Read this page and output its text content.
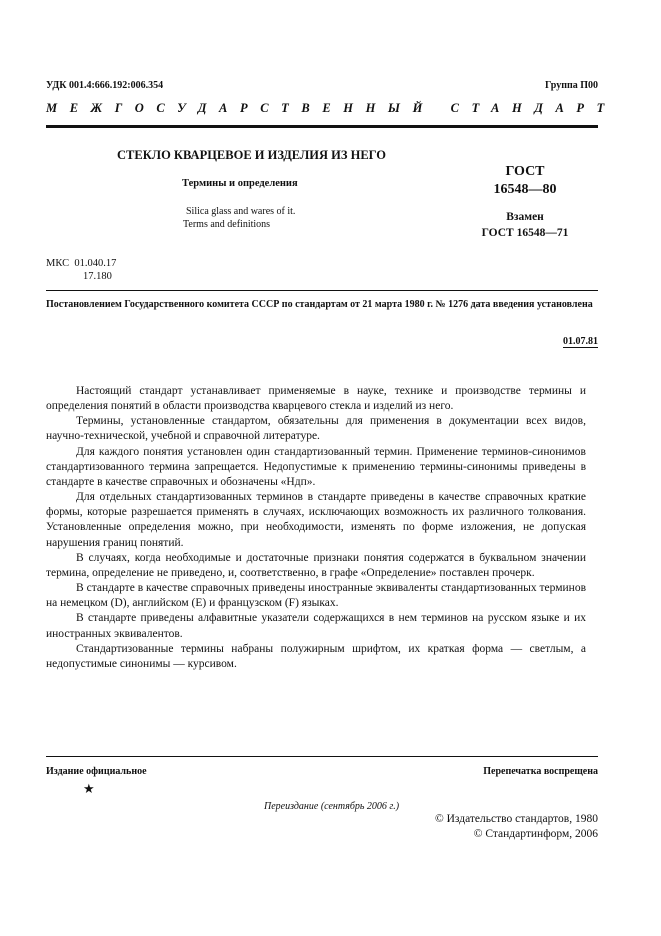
УДК 001.4:666.192:006.354	Группа П00
МЕЖГОСУДАРСТВЕННЫЙ СТАНДАРТ
СТЕКЛО КВАРЦЕВОЕ И ИЗДЕЛИЯ ИЗ НЕГО
Термины и определения
Silica glass and wares of it.
Terms and definitions
ГОСТ
16548—80
Взамен
ГОСТ 16548—71
МКС 01.040.17
17.180
Постановлением Государственного комитета СССР по стандартам от 21 марта 1980 г. № 1276 дата введения установлена
01.07.81

Настоящий стандарт устанавливает применяемые в науке, технике и производстве термины и определения понятий в области производства кварцевого стекла и изделий из него.

Термины, установленные стандартом, обязательны для применения в документации всех видов, научно-технической, учебной и справочной литературе.

Для каждого понятия установлен один стандартизованный термин. Применение терминов-синонимов стандартизованного термина запрещается. Недопустимые к применению термины-синонимы приведены в стандарте в качестве справочных и обозначены «Ндп».

Для отдельных стандартизованных терминов в стандарте приведены в качестве справочных краткие формы, которые разрешается применять в случаях, исключающих возможность их различного толкования. Установленные определения можно, при необходимости, изменять по форме изложения, не допуская нарушения границ понятий.

В случаях, когда необходимые и достаточные признаки понятия содержатся в буквальном значении термина, определение не приведено, и, соответственно, в графе «Определение» поставлен прочерк.

В стандарте в качестве справочных приведены иностранные эквиваленты стандартизованных терминов на немецком (D), английском (E) и французском (F) языках.

В стандарте приведены алфавитные указатели содержащихся в нем терминов на русском языке и их иностранных эквивалентов.

Стандартизованные термины набраны полужирным шрифтом, их краткая форма — светлым, а недопустимые синонимы — курсивом.

Издание официальное	Перепечатка воспрещена
★
Переиздание (сентябрь 2006 г.)
© Издательство стандартов, 1980
© Стандартинформ, 2006
